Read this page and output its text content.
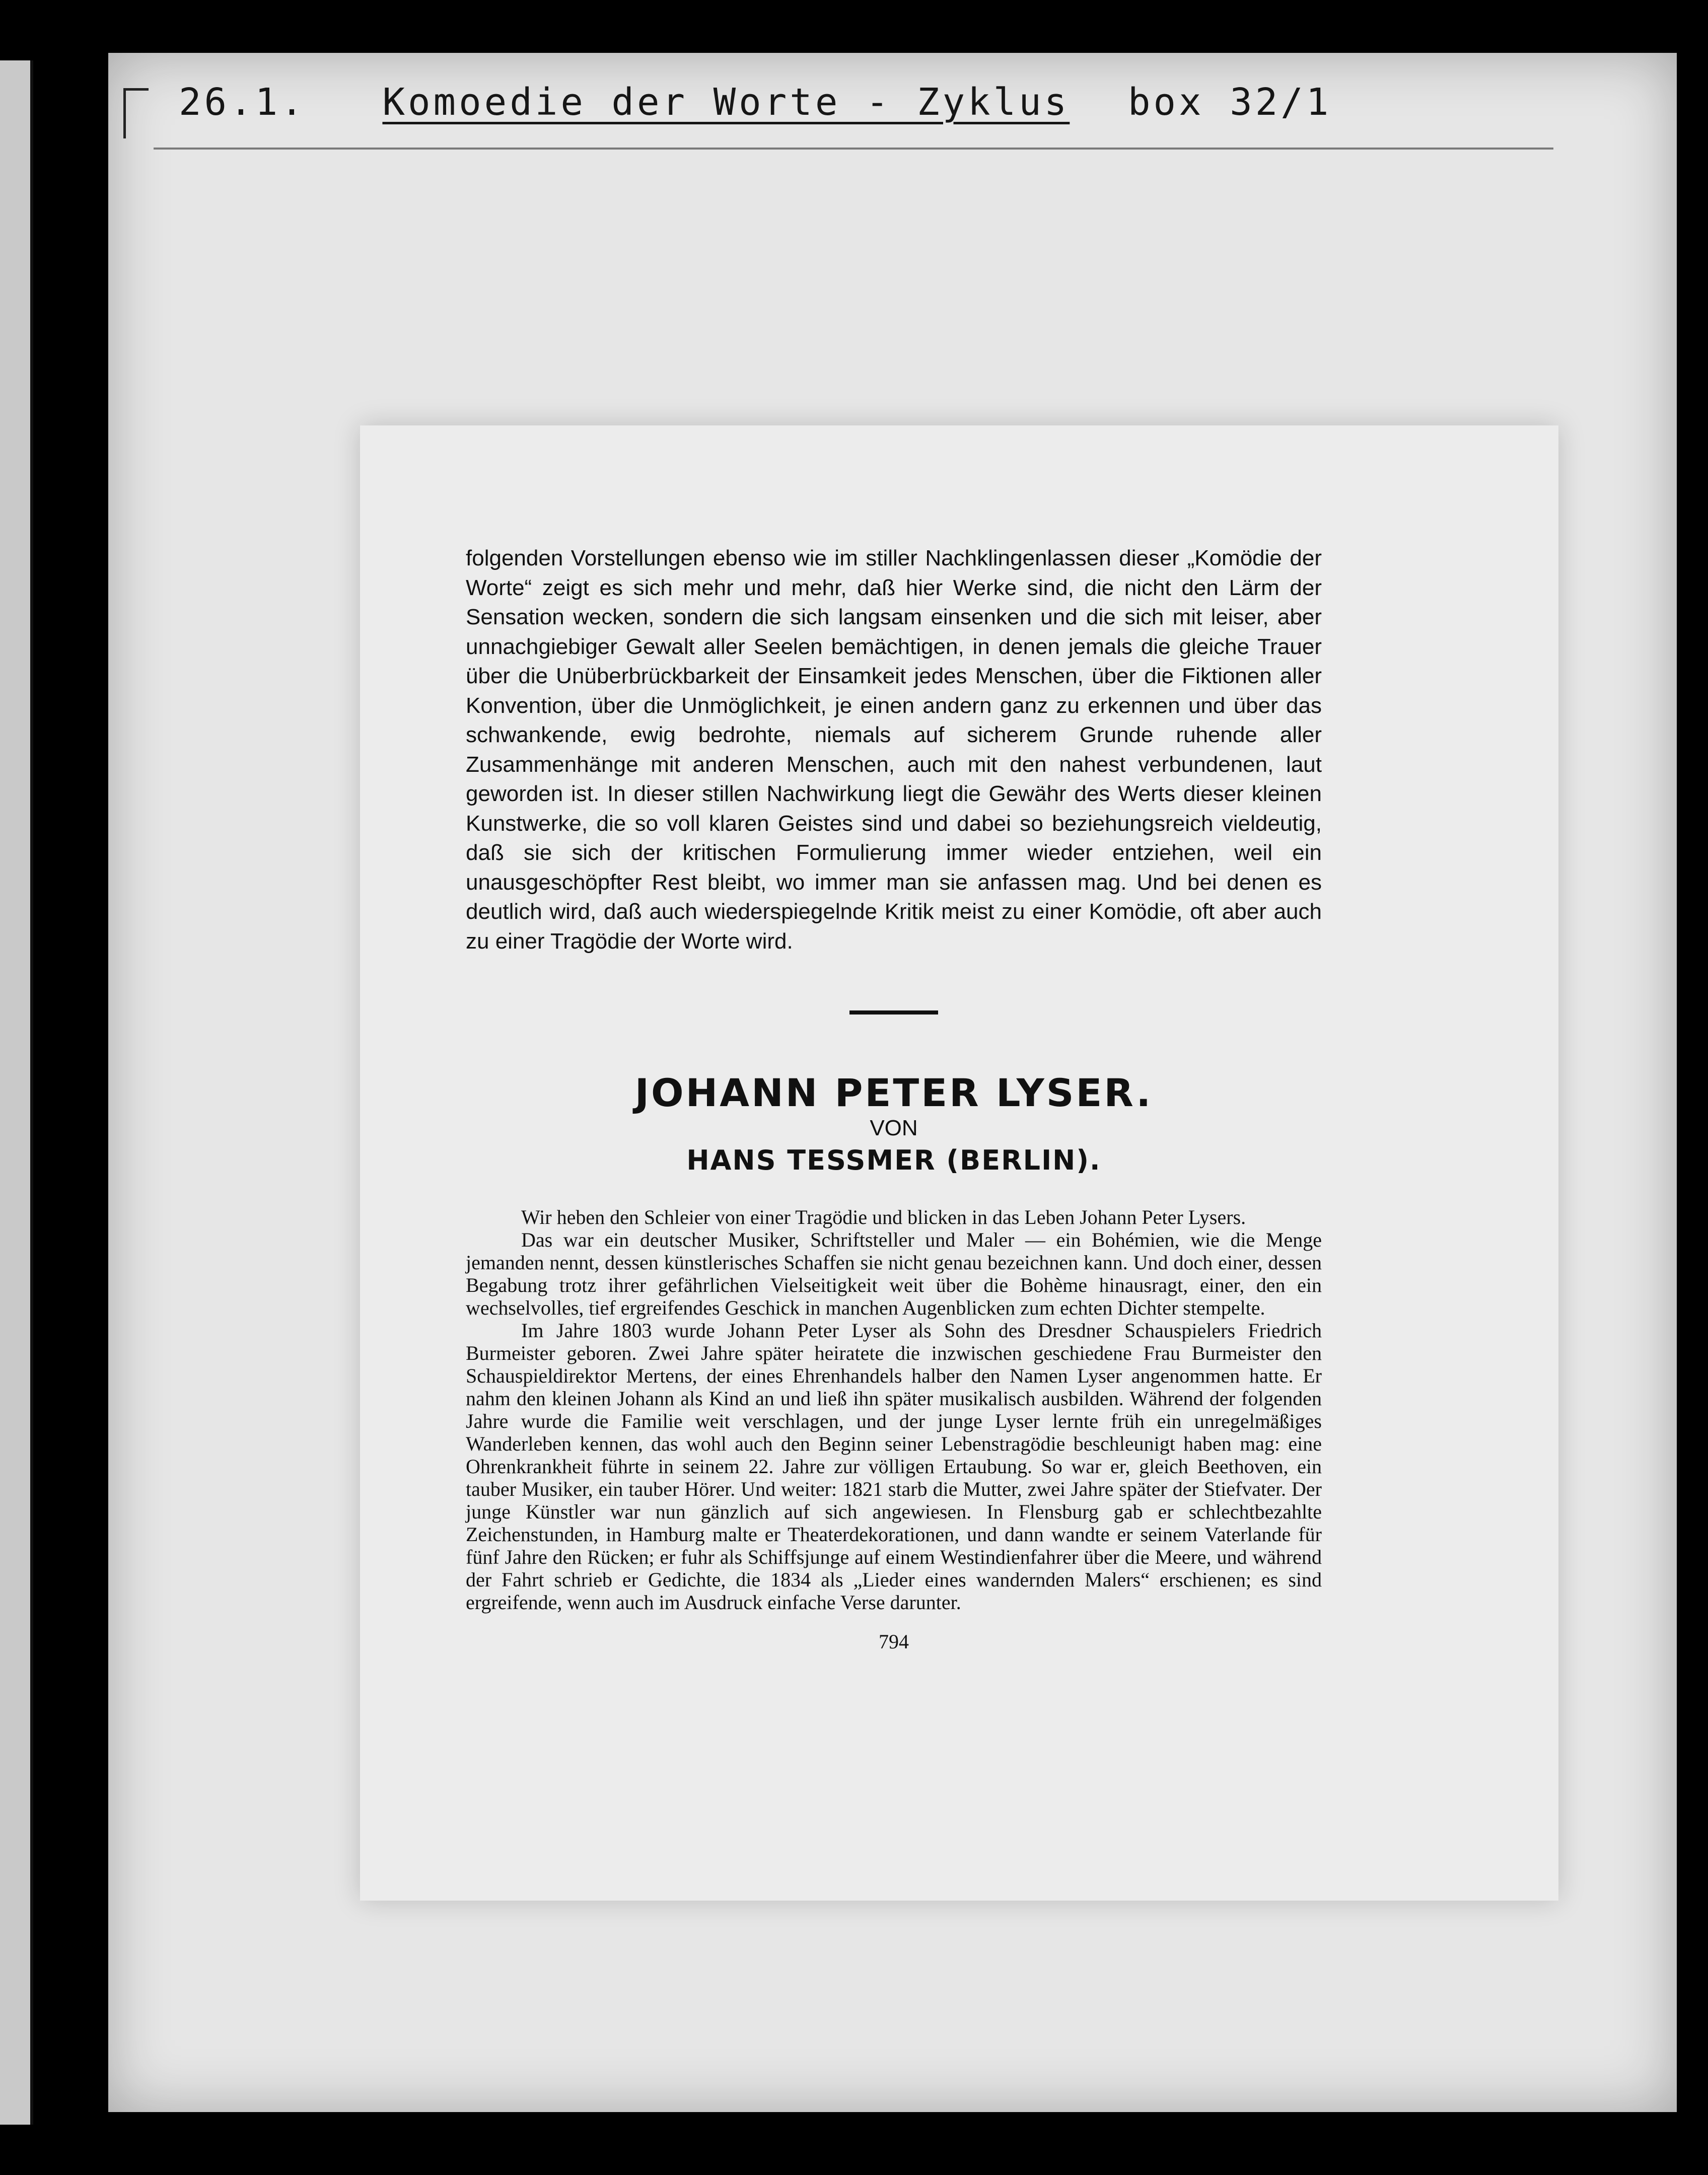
26.1. Komoedie der Worte - Zyklus box 32/1

folgenden Vorstellungen ebenso wie im stiller Nachklingenlassen dieser „Komödie der Worte“ zeigt es sich mehr und mehr, daß hier Werke sind, die nicht den Lärm der Sensation wecken, sondern die sich langsam einsenken und die sich mit leiser, aber unnachgiebiger Gewalt aller Seelen bemächtigen, in denen jemals die gleiche Trauer über die Unüberbrückbarkeit der Einsamkeit jedes Menschen, über die Fiktionen aller Konvention, über die Unmöglichkeit, je einen andern ganz zu erkennen und über das schwankende, ewig bedrohte, niemals auf sicherem Grunde ruhende aller Zusammenhänge mit anderen Menschen, auch mit den nahest verbundenen, laut geworden ist. In dieser stillen Nachwirkung liegt die Gewähr des Werts dieser kleinen Kunstwerke, die so voll klaren Geistes sind und dabei so beziehungsreich vieldeutig, daß sie sich der kritischen Formulierung immer wieder entziehen, weil ein unausgeschöpfter Rest bleibt, wo immer man sie anfassen mag. Und bei denen es deutlich wird, daß auch wiederspiegelnde Kritik meist zu einer Komödie, oft aber auch zu einer Tragödie der Worte wird.

JOHANN PETER LYSER.
VON
HANS TESSMER (BERLIN).

Wir heben den Schleier von einer Tragödie und blicken in das Leben Johann Peter Lysers.

Das war ein deutscher Musiker, Schriftsteller und Maler — ein Bohémien, wie die Menge jemanden nennt, dessen künstlerisches Schaffen sie nicht genau bezeichnen kann. Und doch einer, dessen Begabung trotz ihrer gefährlichen Vielseitigkeit weit über die Bohème hinausragt, einer, den ein wechselvolles, tief ergreifendes Geschick in manchen Augenblicken zum echten Dichter stempelte.

Im Jahre 1803 wurde Johann Peter Lyser als Sohn des Dresdner Schauspielers Friedrich Burmeister geboren. Zwei Jahre später heiratete die inzwischen geschiedene Frau Burmeister den Schauspieldirektor Mertens, der eines Ehrenhandels halber den Namen Lyser angenommen hatte. Er nahm den kleinen Johann als Kind an und ließ ihn später musikalisch ausbilden. Während der folgenden Jahre wurde die Familie weit verschlagen, und der junge Lyser lernte früh ein unregelmäßiges Wanderleben kennen, das wohl auch den Beginn seiner Lebenstragödie beschleunigt haben mag: eine Ohrenkrankheit führte in seinem 22. Jahre zur völligen Ertaubung. So war er, gleich Beethoven, ein tauber Musiker, ein tauber Hörer. Und weiter: 1821 starb die Mutter, zwei Jahre später der Stiefvater. Der junge Künstler war nun gänzlich auf sich angewiesen. In Flensburg gab er schlechtbezahlte Zeichenstunden, in Hamburg malte er Theaterdekorationen, und dann wandte er seinem Vaterlande für fünf Jahre den Rücken; er fuhr als Schiffsjunge auf einem Westindienfahrer über die Meere, und während der Fahrt schrieb er Gedichte, die 1834 als „Lieder eines wandernden Malers“ erschienen; es sind ergreifende, wenn auch im Ausdruck einfache Verse darunter.

794
